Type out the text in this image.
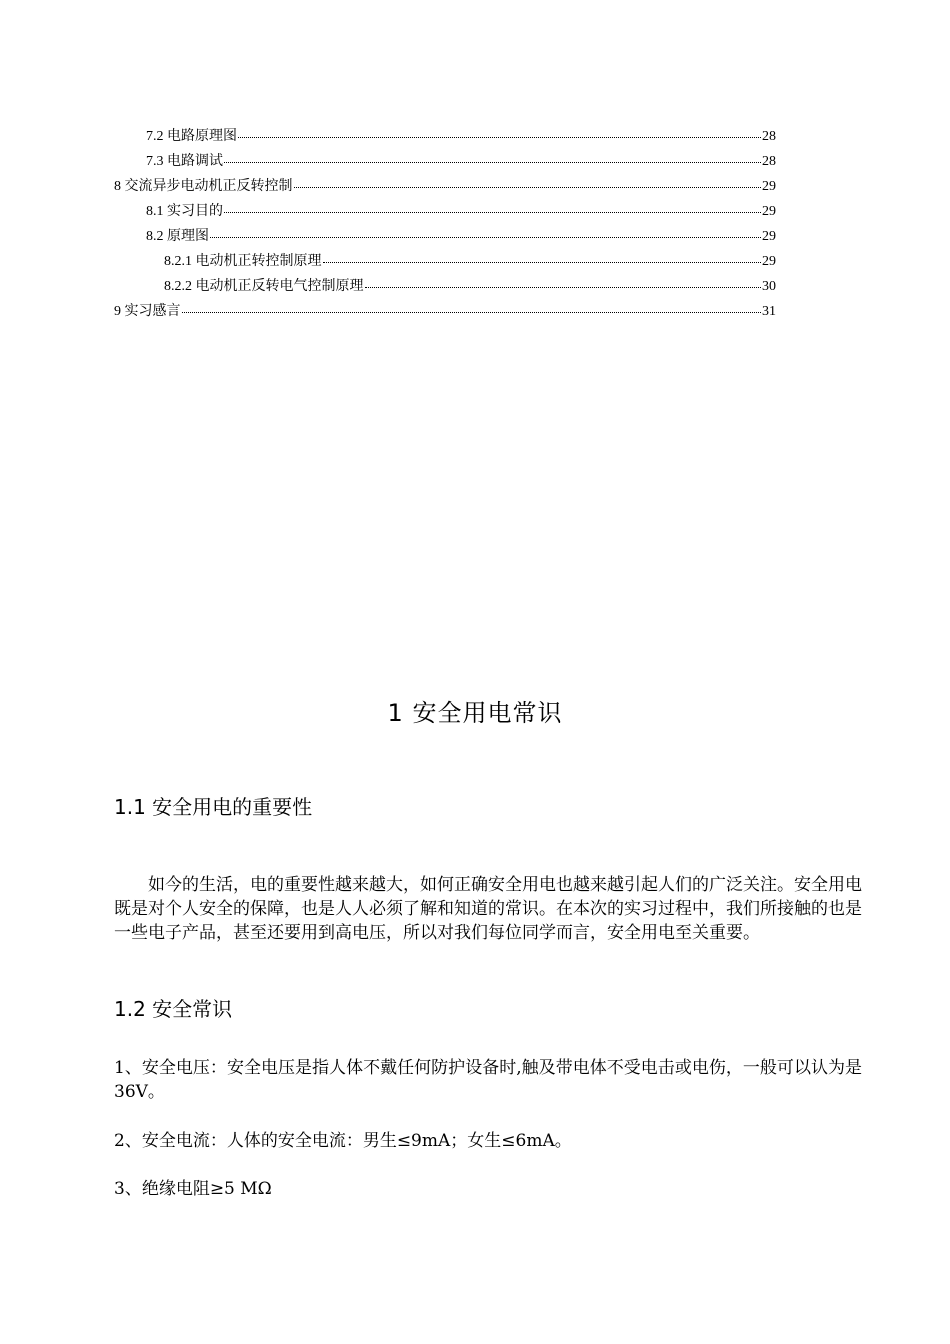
7.2 电路原理图	28
7.3 电路调试	28
8 交流异步电动机正反转控制	29
8.1 实习目的	29
8.2 原理图	29
8.2.1 电动机正转控制原理	29
8.2.2 电动机正反转电气控制原理	30
9 实习感言	31
1 安全用电常识
1.1 安全用电的重要性

如今的生活，电的重要性越来越大，如何正确安全用电也越来越引起人们的广泛关注。安全用电既是对个人安全的保障，也是人人必须了解和知道的常识。在本次的实习过程中，我们所接触的也是一些电子产品，甚至还要用到高电压，所以对我们每位同学而言，安全用电至关重要。

1.2 安全常识

1、安全电压：安全电压是指人体不戴任何防护设备时,触及带电体不受电击或电伤，一般可以认为是 36V。

2、安全电流：人体的安全电流：男生≤9mA；女生≤6mA。

3、绝缘电阻≥5 MΩ
